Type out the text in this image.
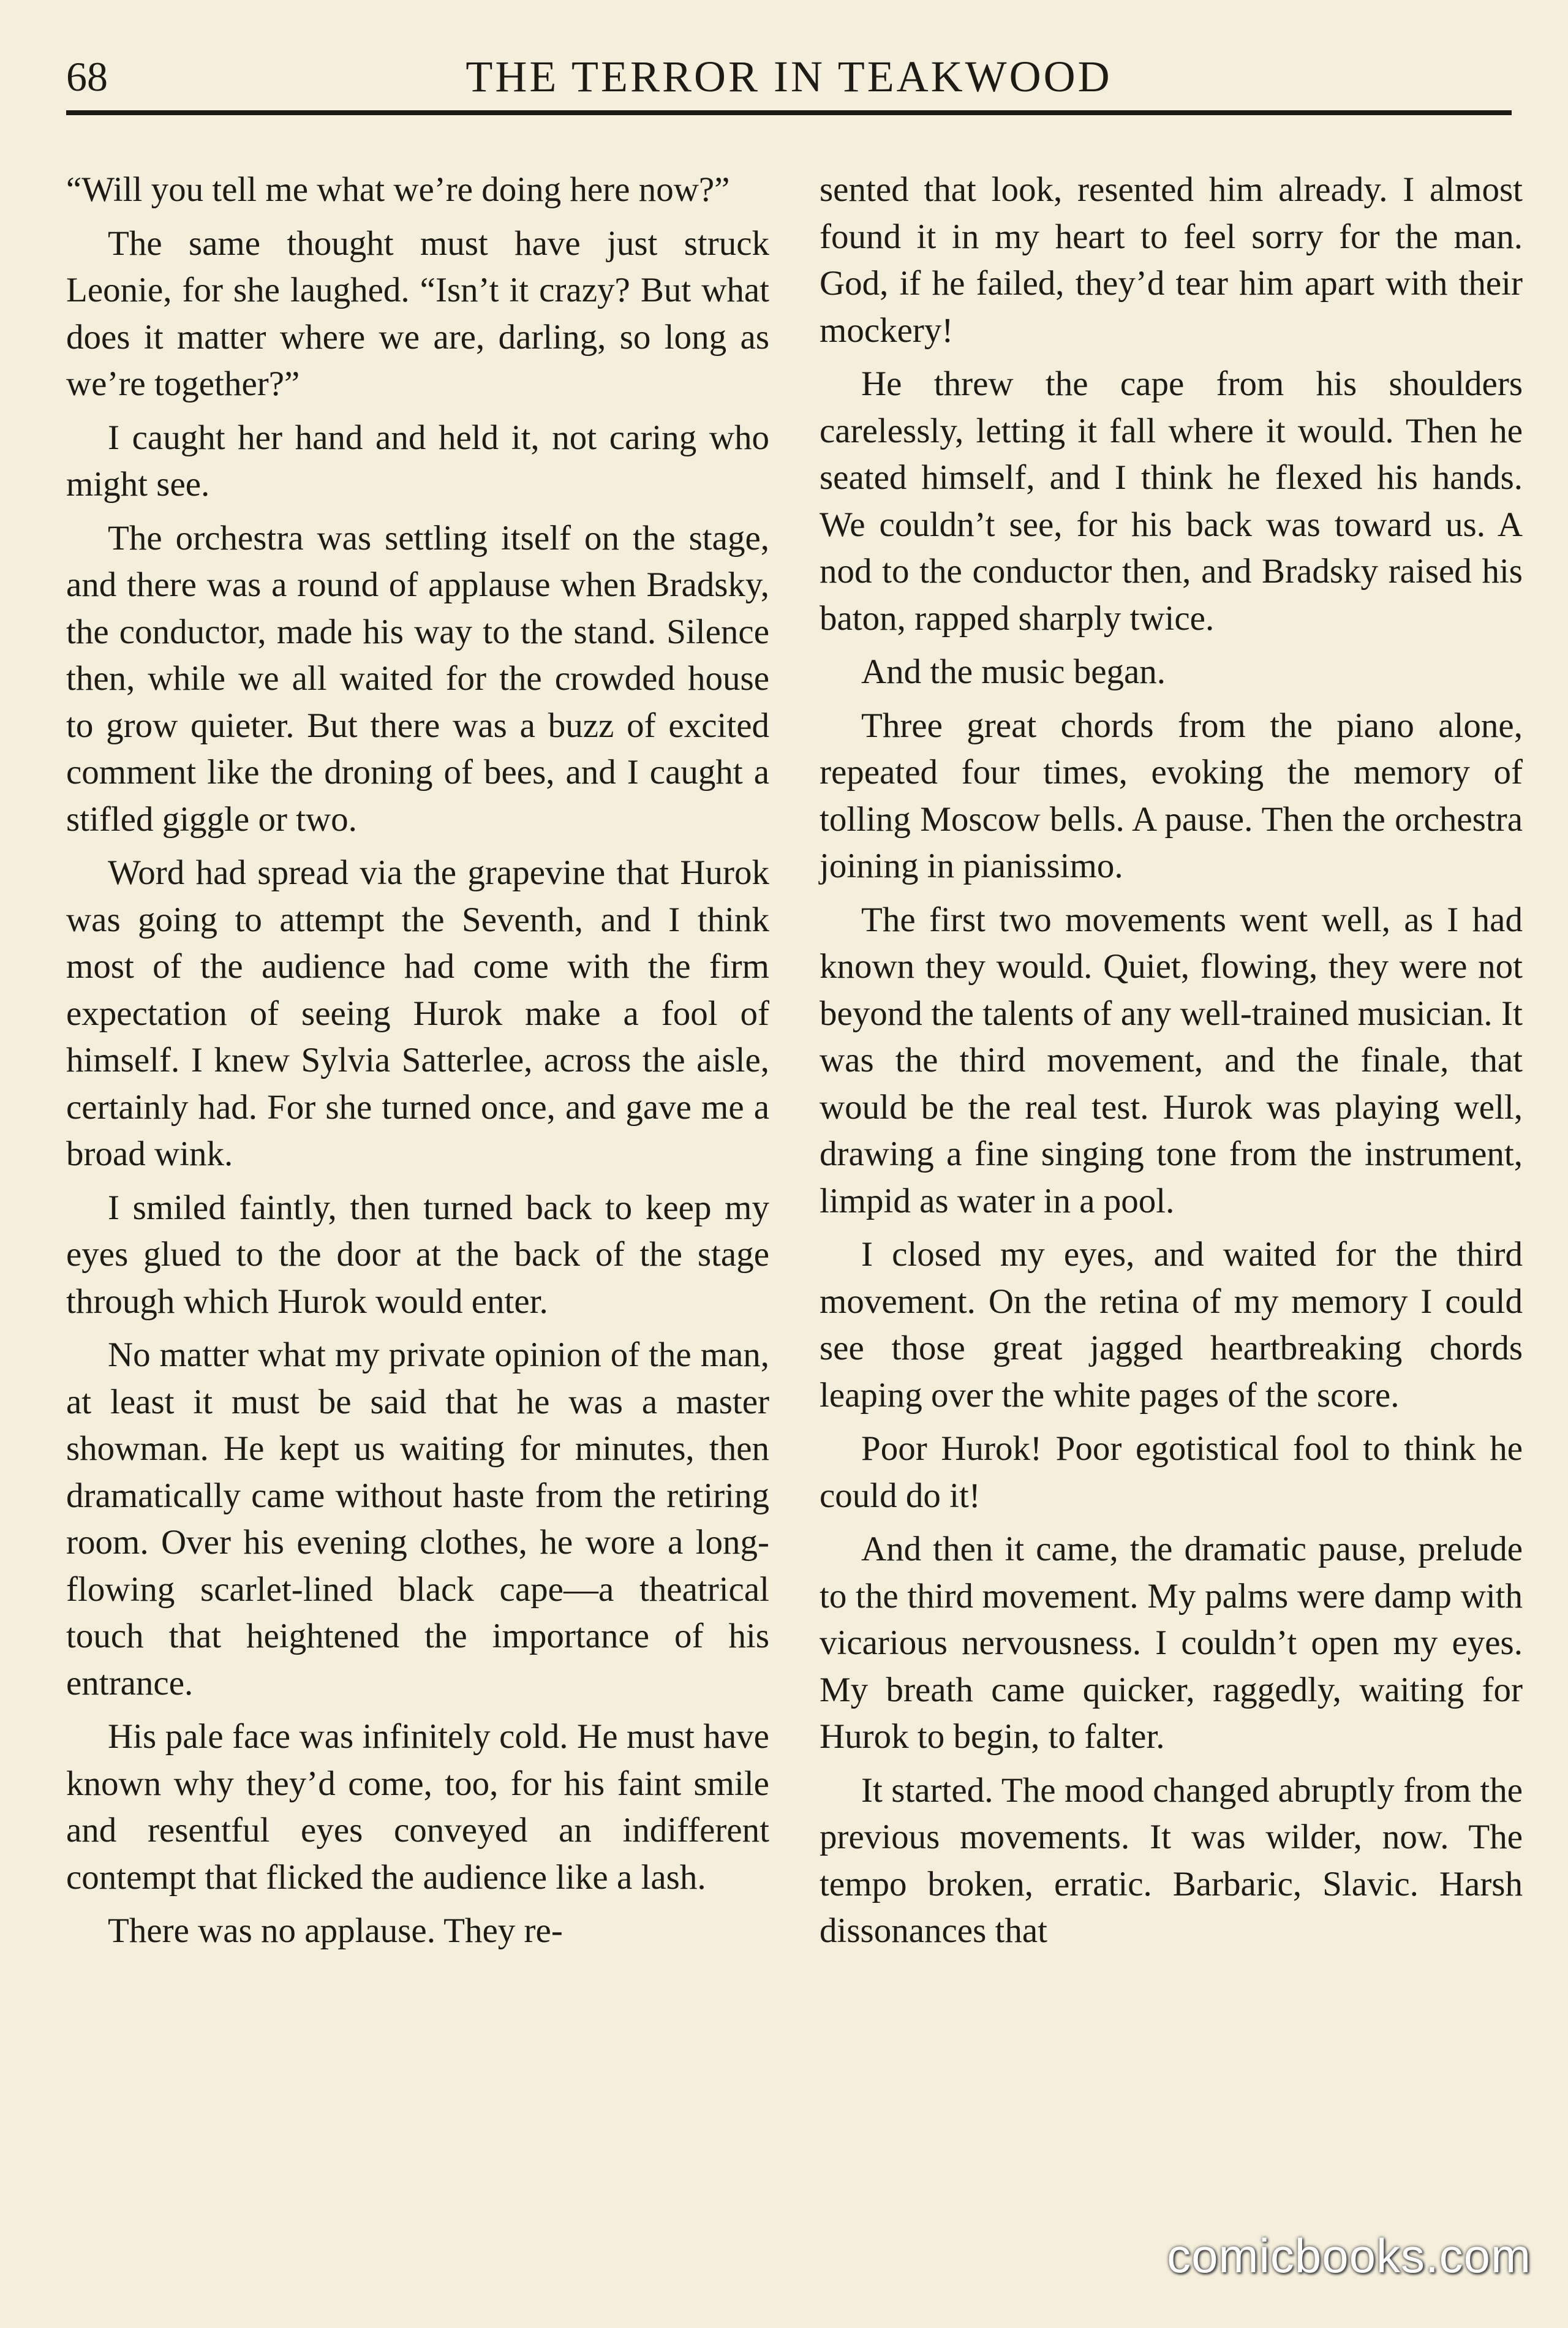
68	THE TERROR IN TEAKWOOD

“Will you tell me what we’re doing here now?”

The same thought must have just struck Leonie, for she laughed. “Isn’t it crazy? But what does it matter where we are, darling, so long as we’re together?”

I caught her hand and held it, not caring who might see.

The orchestra was settling itself on the stage, and there was a round of applause when Bradsky, the conductor, made his way to the stand. Silence then, while we all waited for the crowded house to grow quieter. But there was a buzz of excited comment like the droning of bees, and I caught a stifled giggle or two.

Word had spread via the grapevine that Hurok was going to attempt the Seventh, and I think most of the audience had come with the firm expectation of seeing Hurok make a fool of himself. I knew Sylvia Satterlee, across the aisle, certainly had. For she turned once, and gave me a broad wink.

I smiled faintly, then turned back to keep my eyes glued to the door at the back of the stage through which Hurok would enter.

No matter what my private opinion of the man, at least it must be said that he was a master showman. He kept us waiting for minutes, then dramatically came without haste from the retiring room. Over his evening clothes, he wore a long-flowing scarlet-lined black cape—a theatrical touch that heightened the importance of his entrance.

His pale face was infinitely cold. He must have known why they’d come, too, for his faint smile and resentful eyes conveyed an indifferent contempt that flicked the audience like a lash.

There was no applause. They re-

sented that look, resented him already. I almost found it in my heart to feel sorry for the man. God, if he failed, they’d tear him apart with their mockery!

He threw the cape from his shoulders carelessly, letting it fall where it would. Then he seated himself, and I think he flexed his hands. We couldn’t see, for his back was toward us. A nod to the conductor then, and Bradsky raised his baton, rapped sharply twice.

And the music began.

Three great chords from the piano alone, repeated four times, evoking the memory of tolling Moscow bells. A pause. Then the orchestra joining in pianissimo.

The first two movements went well, as I had known they would. Quiet, flowing, they were not beyond the talents of any well-trained musician. It was the third movement, and the finale, that would be the real test. Hurok was playing well, drawing a fine singing tone from the instrument, limpid as water in a pool.

I closed my eyes, and waited for the third movement. On the retina of my memory I could see those great jagged heartbreaking chords leaping over the white pages of the score.

Poor Hurok! Poor egotistical fool to think he could do it!

And then it came, the dramatic pause, prelude to the third movement. My palms were damp with vicarious nervousness. I couldn’t open my eyes. My breath came quicker, raggedly, waiting for Hurok to begin, to falter.

It started. The mood changed abruptly from the previous movements. It was wilder, now. The tempo broken, erratic. Barbaric, Slavic. Harsh dissonances that

comicbooks.com
